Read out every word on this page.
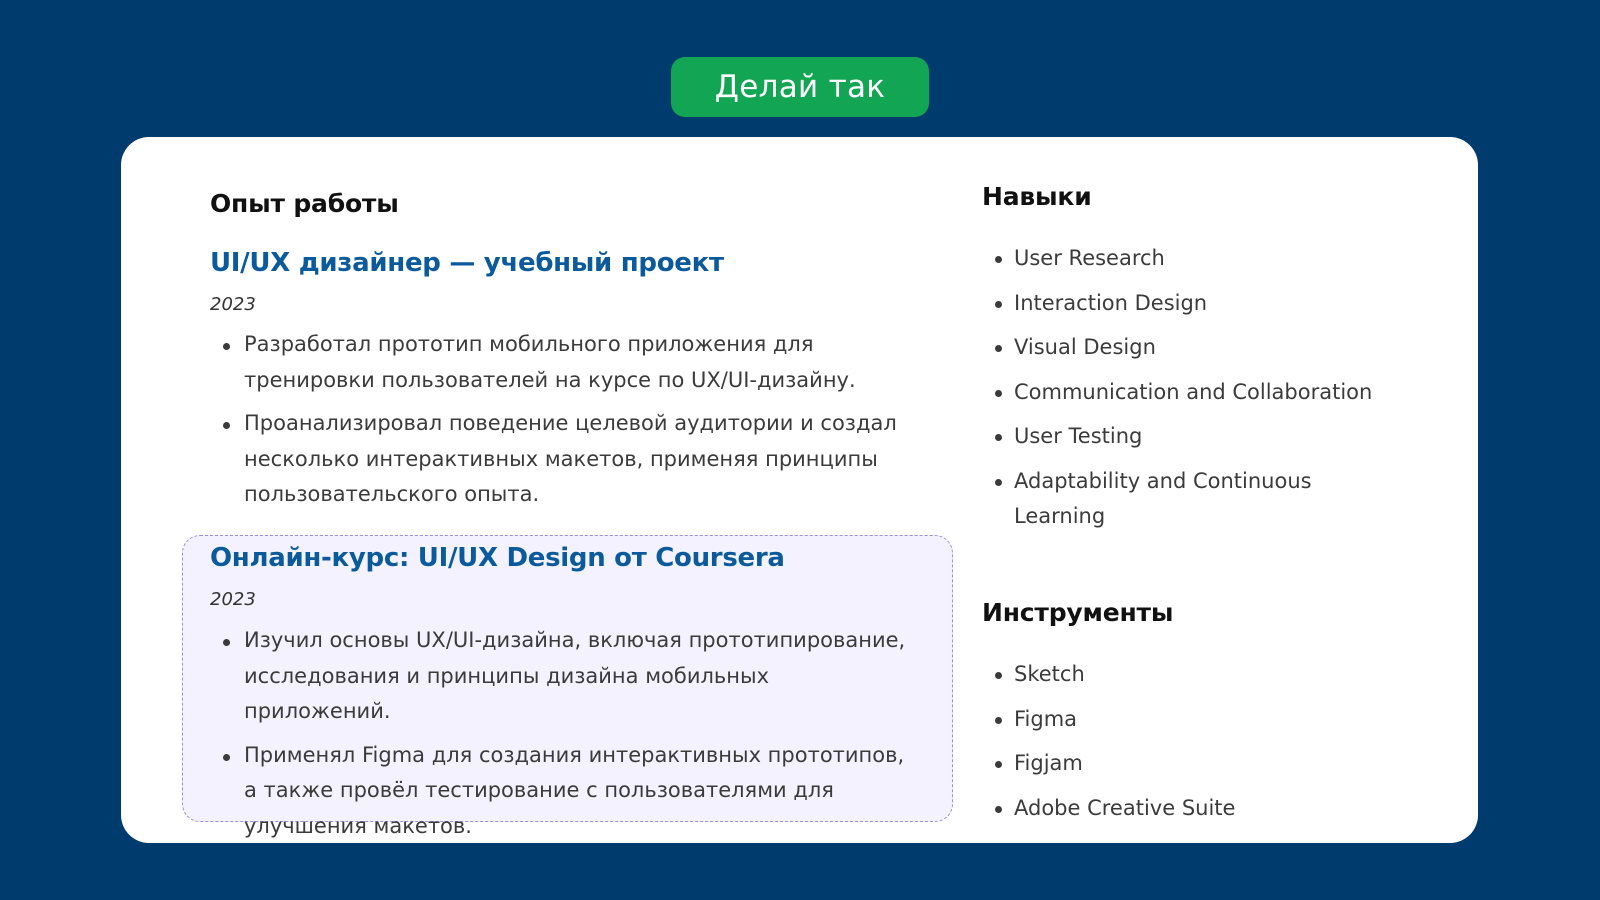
Делай так
Опыт работы
UI/UX дизайнер — учебный проект
2023
Разработал прототип мобильного приложения для тренировки пользователей на курсе по UX/UI-дизайну.
Проанализировал поведение целевой аудитории и создал несколько интерактивных макетов, применяя принципы пользовательского опыта.
Онлайн-курс: UI/UX Design от Coursera
2023
Изучил основы UX/UI-дизайна, включая прототипирование, исследования и принципы дизайна мобильных приложений.
Применял Figma для создания интерактивных прототипов, а также провёл тестирование с пользователями для улучшения макетов.
Навыки
User Research
Interaction Design
Visual Design
Communication and Collaboration
User Testing
Adaptability and Continuous Learning
Инструменты
Sketch
Figma
Figjam
Adobe Creative Suite
